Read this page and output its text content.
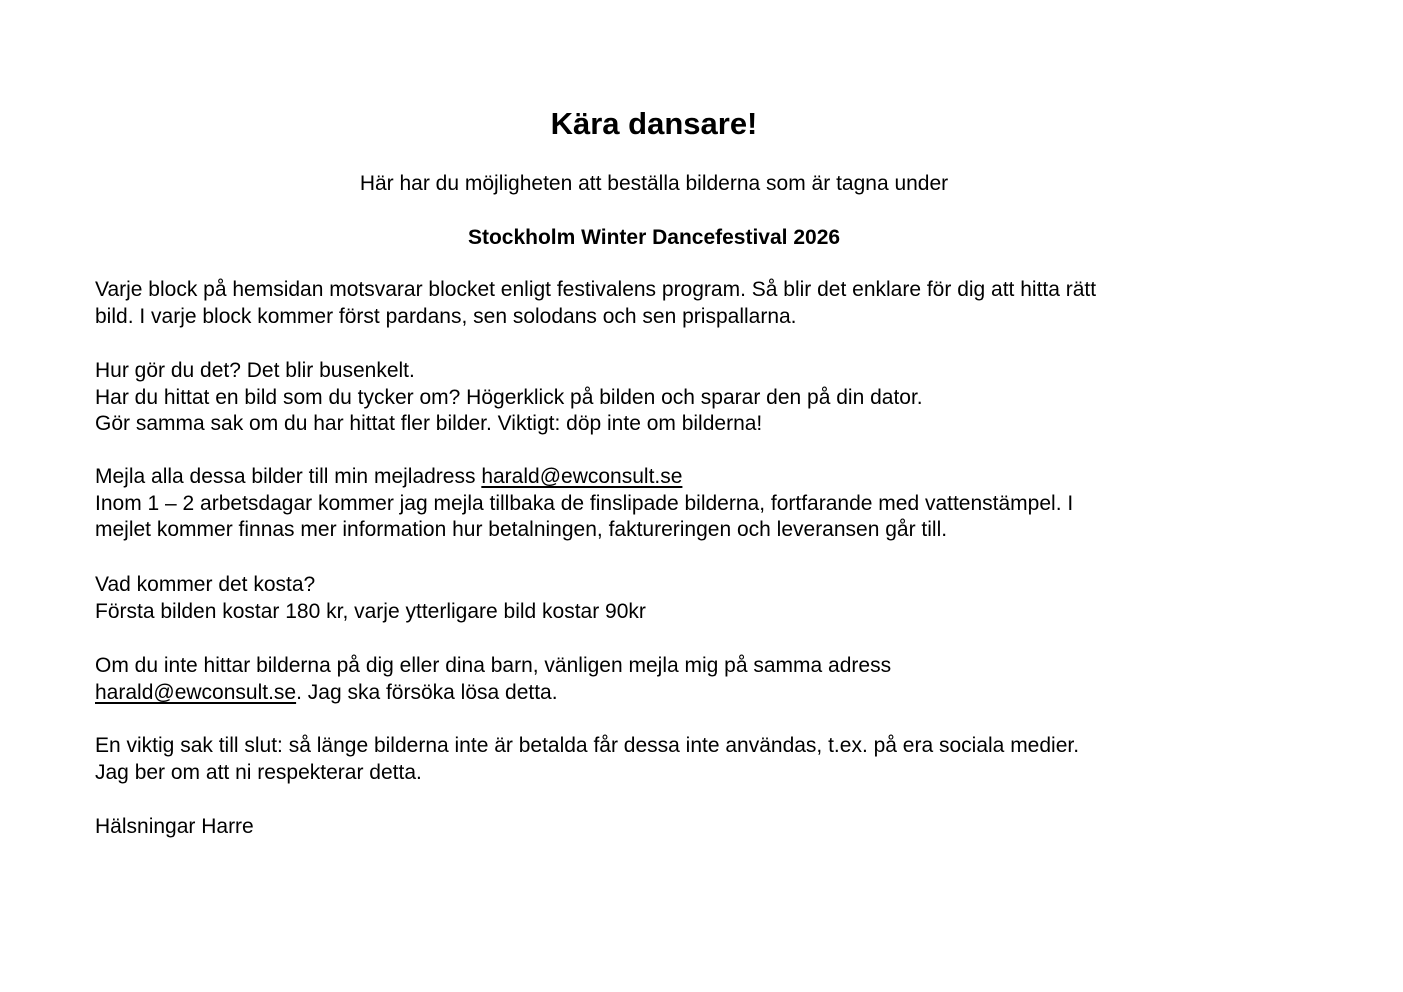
Kära dansare!

Här har du möjligheten att beställa bilderna som är tagna under

Stockholm Winter Dancefestival 2026

Varje block på hemsidan motsvarar blocket enligt festivalens program. Så blir det enklare för dig att hitta rätt
bild. I varje block kommer först pardans, sen solodans och sen prispallarna.

Hur gör du det? Det blir busenkelt.
Har du hittat en bild som du tycker om? Högerklick på bilden och sparar den på din dator.
Gör samma sak om du har hittat fler bilder. Viktigt: döp inte om bilderna!

Mejla alla dessa bilder till min mejladress harald@ewconsult.se
Inom 1 – 2 arbetsdagar kommer jag mejla tillbaka de finslipade bilderna, fortfarande med vattenstämpel. I
mejlet kommer finnas mer information hur betalningen, faktureringen och leveransen går till.

Vad kommer det kosta?
Första bilden kostar 180 kr, varje ytterligare bild kostar 90kr

Om du inte hittar bilderna på dig eller dina barn, vänligen mejla mig på samma adress
harald@ewconsult.se. Jag ska försöka lösa detta.

En viktig sak till slut: så länge bilderna inte är betalda får dessa inte användas, t.ex. på era sociala medier.
Jag ber om att ni respekterar detta.

Hälsningar Harre
